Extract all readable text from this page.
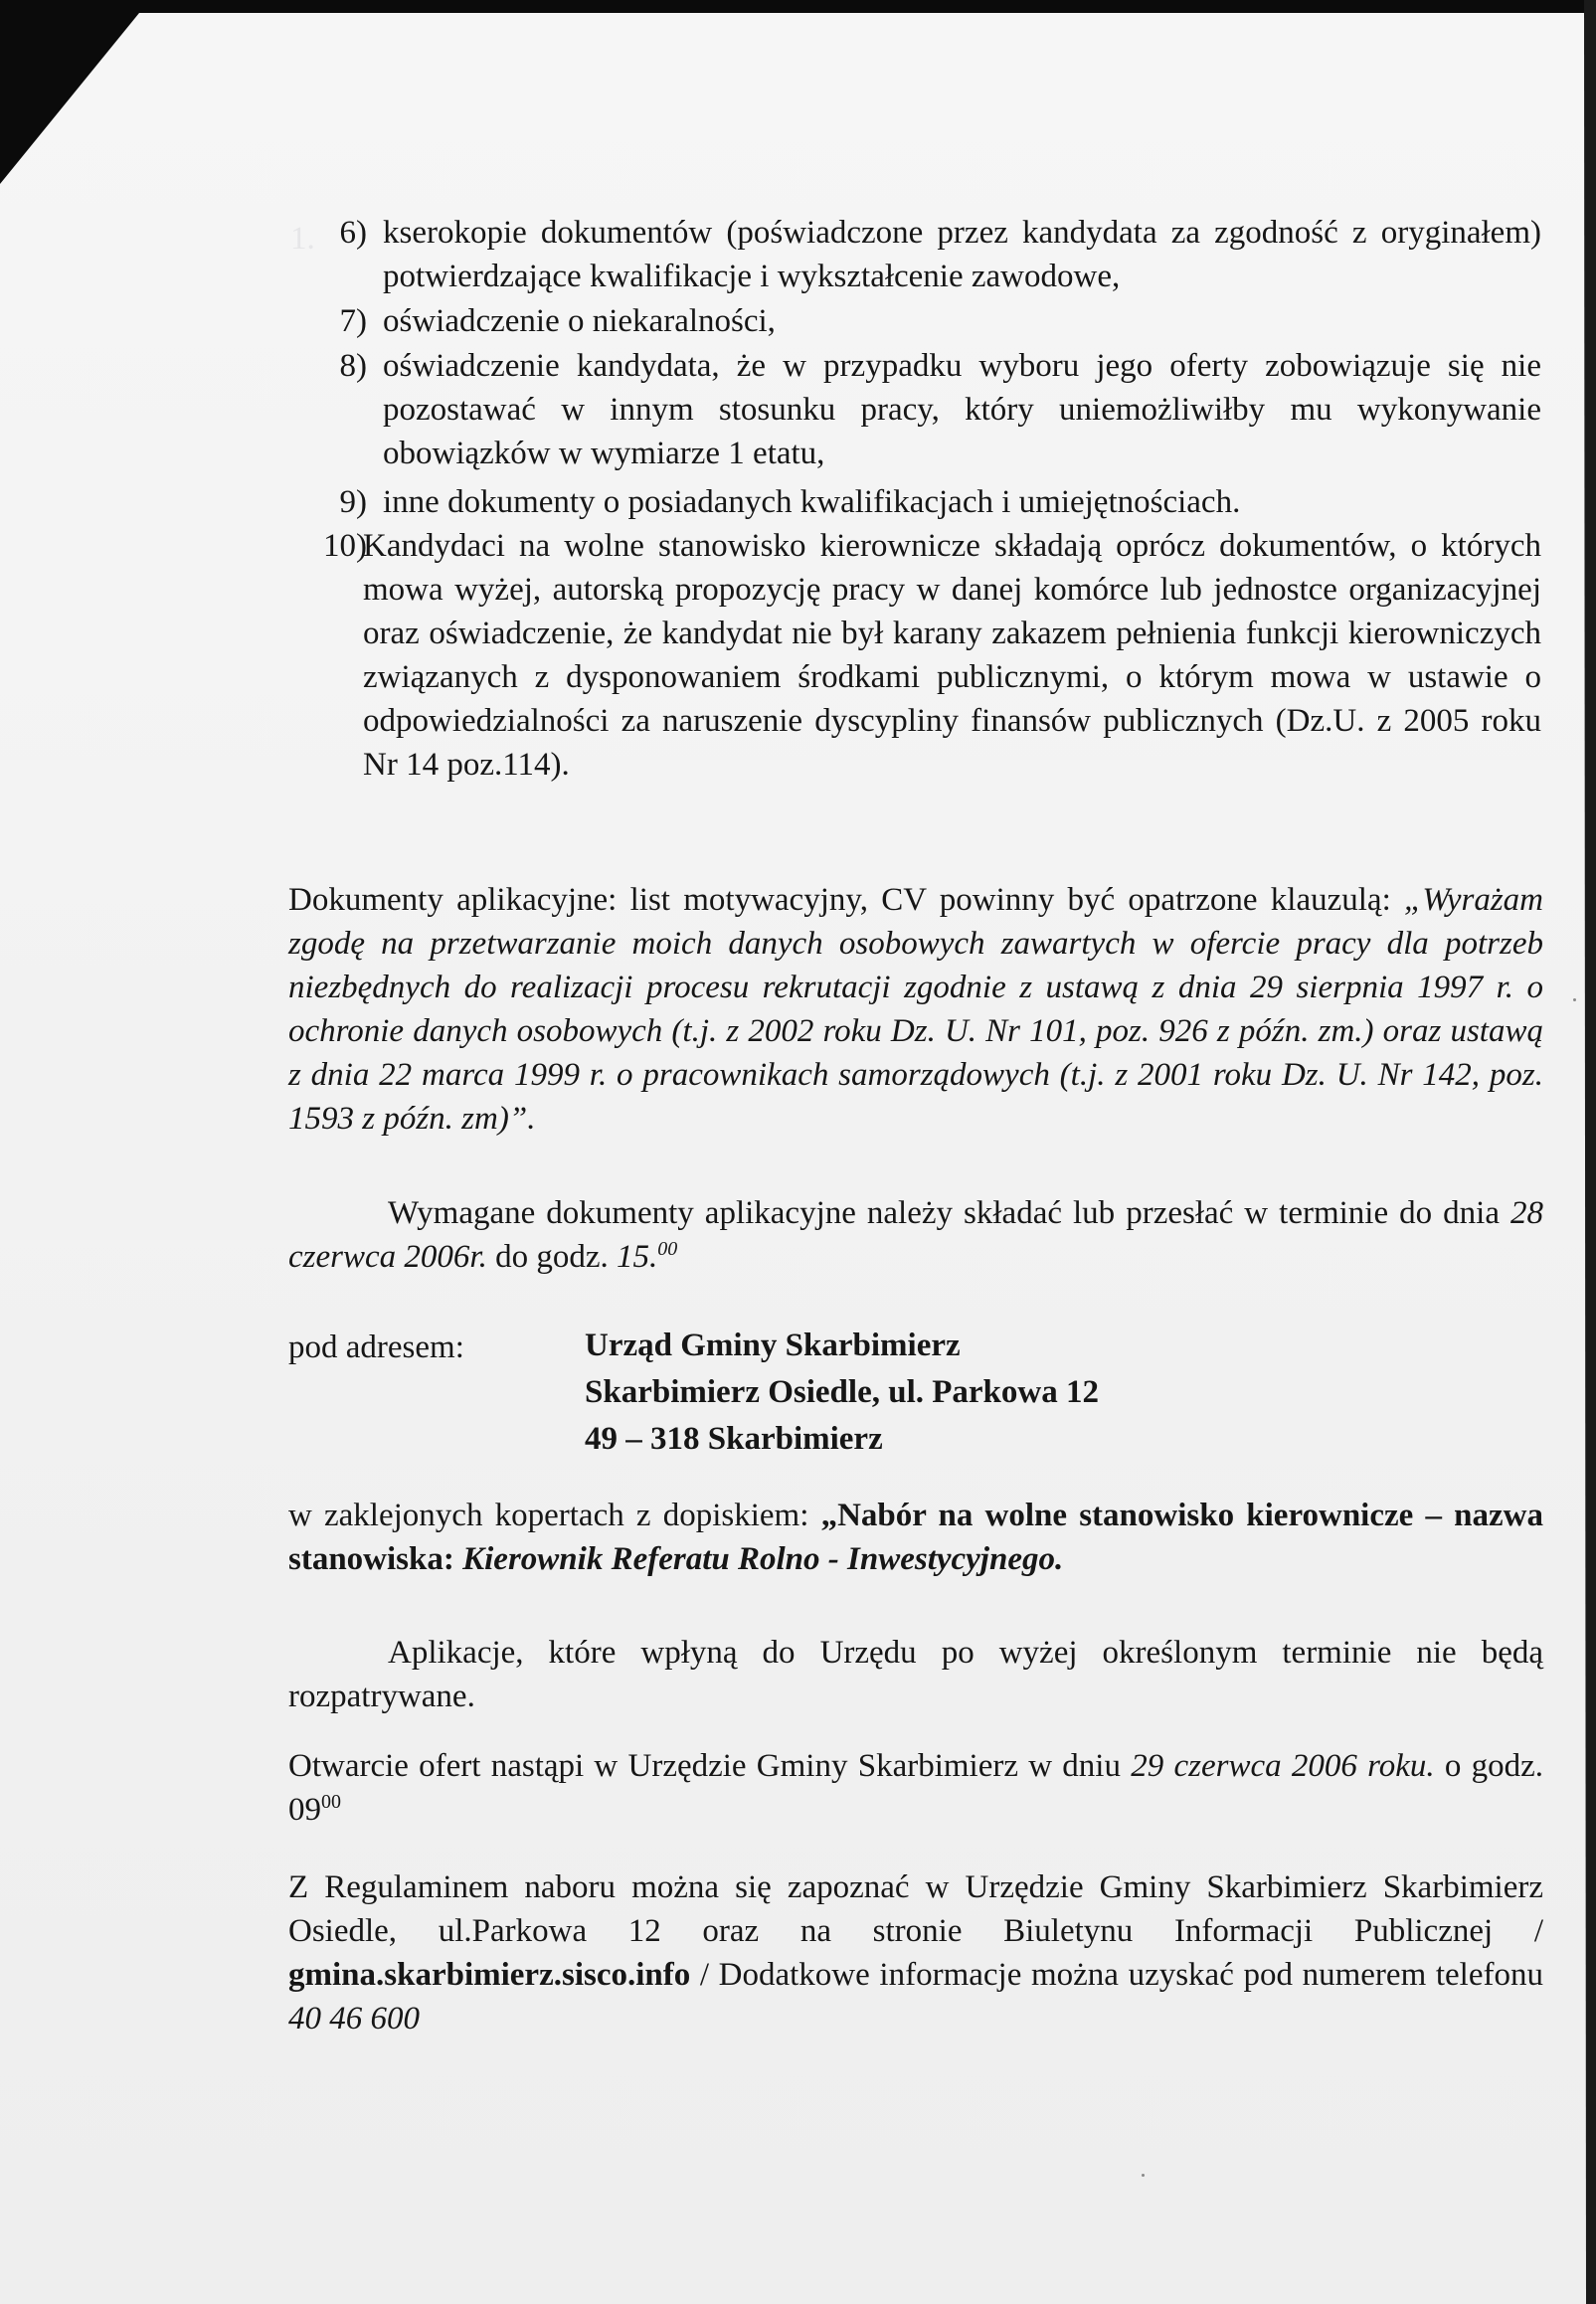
1. 6) kserokopie dokumentów (poświadczone przez kandydata za zgodność z oryginałem) potwierdzające kwalifikacje i wykształcenie zawodowe,
7) oświadczenie o niekaralności,
8) oświadczenie kandydata, że w przypadku wyboru jego oferty zobowiązuje się nie pozostawać w innym stosunku pracy, który uniemożliwiłby mu wykonywanie obowiązków w wymiarze 1 etatu,
9) inne dokumenty o posiadanych kwalifikacjach i umiejętnościach.
10)
Kandydaci na wolne stanowisko kierownicze składają oprócz dokumentów, o których mowa wyżej, autorską propozycję pracy w danej komórce lub jednostce organizacyjnej oraz oświadczenie, że kandydat nie był karany zakazem pełnienia funkcji kierowniczych związanych z dysponowaniem środkami publicznymi, o którym mowa w ustawie o odpowiedzialności za naruszenie dyscypliny finansów publicznych (Dz.U. z 2005 roku Nr 14 poz.114).
Dokumenty aplikacyjne: list motywacyjny, CV powinny być opatrzone klauzulą: „Wyrażam zgodę na przetwarzanie moich danych osobowych zawartych w ofercie pracy dla potrzeb niezbędnych do realizacji procesu rekrutacji zgodnie z ustawą z dnia 29 sierpnia 1997 r. o ochronie danych osobowych (t.j. z 2002 roku Dz. U. Nr 101, poz. 926 z późn. zm.) oraz ustawą z dnia 22 marca 1999 r. o pracownikach samorządowych (t.j. z 2001 roku Dz. U. Nr 142, poz. 1593 z późn. zm)”.
Wymagane dokumenty aplikacyjne należy składać lub przesłać w terminie do dnia 28 czerwca 2006r. do godz. 15.00
pod adresem:	Urząd Gminy Skarbimierz
Skarbimierz Osiedle, ul. Parkowa 12
49 – 318 Skarbimierz
w zaklejonych kopertach z dopiskiem: „Nabór na wolne stanowisko kierownicze – nazwa stanowiska: Kierownik Referatu Rolno - Inwestycyjnego.
Aplikacje, które wpłyną do Urzędu po wyżej określonym terminie nie będą rozpatrywane.
Otwarcie ofert nastąpi w Urzędzie Gminy Skarbimierz w dniu 29 czerwca 2006 roku. o godz. $09^{00}$
Z Regulaminem naboru można się zapoznać w Urzędzie Gminy Skarbimierz Skarbimierz Osiedle, ul.Parkowa 12 oraz na stronie Biuletynu Informacji Publicznej / gmina.skarbimierz.sisco.info / Dodatkowe informacje można uzyskać pod numerem telefonu 40 46 600
